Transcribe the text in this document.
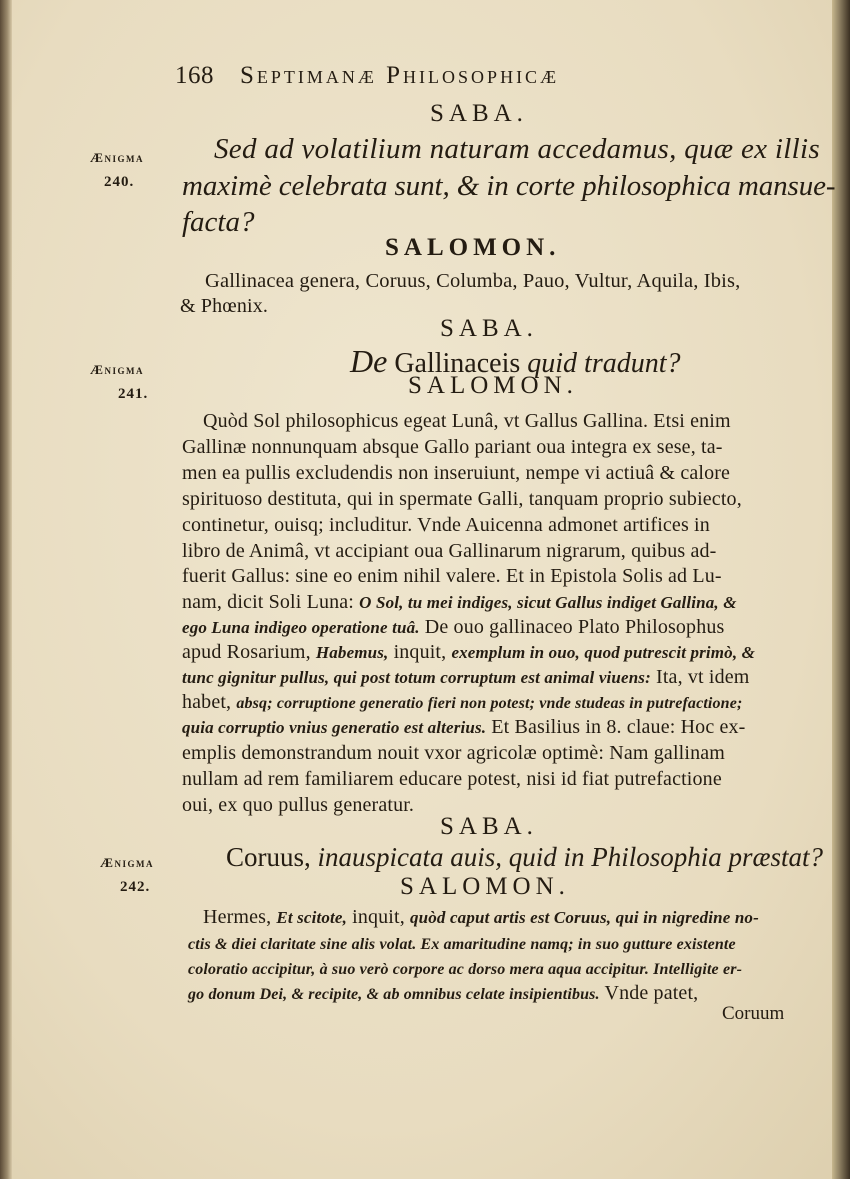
168 Septimanæ Philosophicæ
SABA.
Ænigma
240.
Sed ad volatilium naturam accedamus, quæ ex illis
maximè celebrata sunt, & in corte philosophica mansue-
facta?
SALOMON.
Gallinacea genera, Coruus, Columba, Pauo, Vultur, Aquila, Ibis,
& Phœnix.
SABA.
Ænigma
241.
De Gallinaceis quid tradunt?
SALOMON.
Quòd Sol philosophicus egeat Lunâ, vt Gallus Gallina. Etsi enim
Gallinæ nonnunquam absque Gallo pariant oua integra ex sese, ta-
men ea pullis excludendis non inseruiunt, nempe vi actiuâ & calore
spirituoso destituta, qui in spermate Galli, tanquam proprio subiecto,
continetur, ouisq; includitur. Vnde Auicenna admonet artifices in
libro de Animâ, vt accipiant oua Gallinarum nigrarum, quibus ad-
fuerit Gallus: sine eo enim nihil valere. Et in Epistola Solis ad Lu-
nam, dicit Soli Luna: O Sol, tu mei indiges, sicut Gallus indiget Gallina, &
ego Luna indigeo operatione tuâ. De ouo gallinaceo Plato Philosophus
apud Rosarium, Habemus, inquit, exemplum in ouo, quod putrescit primò, &
tunc gignitur pullus, qui post totum corruptum est animal viuens: Ita, vt idem
habet, absq; corruptione generatio fieri non potest; vnde studeas in putrefactione;
quia corruptio vnius generatio est alterius. Et Basilius in 8. claue: Hoc ex-
emplis demonstrandum nouit vxor agricolæ optimè: Nam gallinam
nullam ad rem familiarem educare potest, nisi id fiat putrefactione
oui, ex quo pullus generatur.
SABA.
Ænigma
242.
Coruus, inauspicata auis, quid in Philosophia præstat?
SALOMON.
Hermes, Et scitote, inquit, quòd caput artis est Coruus, qui in nigredine no-
ctis & diei claritate sine alis volat. Ex amaritudine namq; in suo gutture existente
coloratio accipitur, à suo verò corpore ac dorso mera aqua accipitur. Intelligite er-
go donum Dei, & recipite, & ab omnibus celate insipientibus. Vnde patet,
Coruum
